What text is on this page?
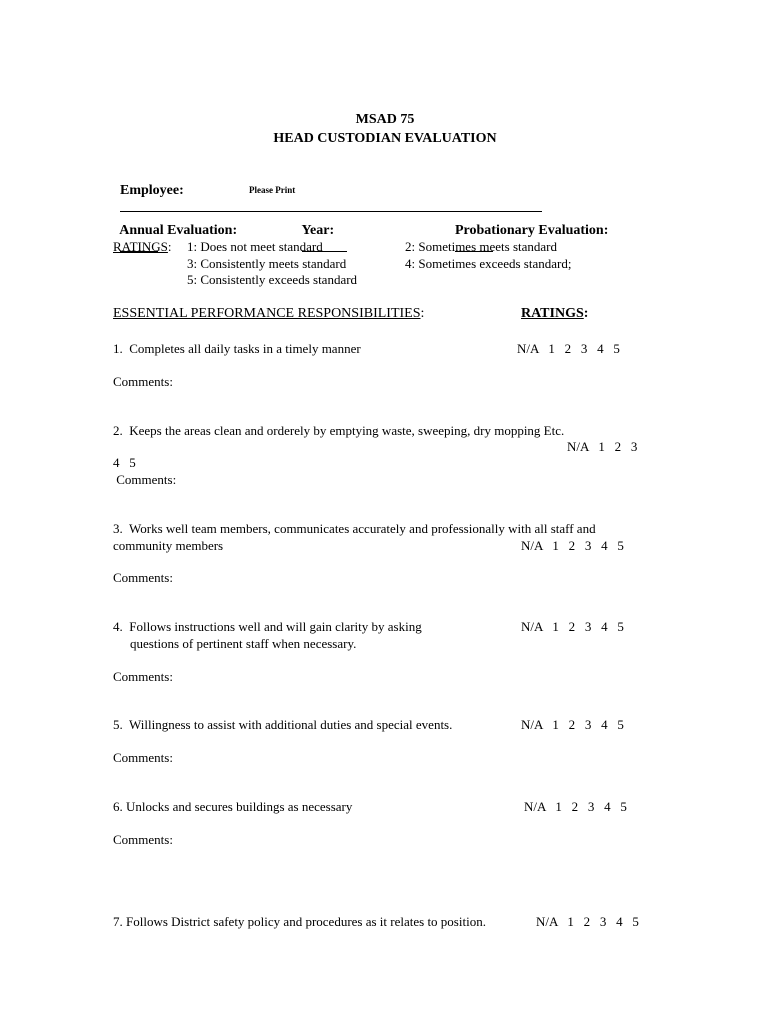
MSAD 75
HEAD CUSTODIAN EVALUATION

Employee:
	Please Print

Annual Evaluation:
	Year:
	Probationary Evaluation:

RATINGS: 1: Does not meet standard	2: Sometimes meets standard
3: Consistently meets standard	4: Sometimes exceeds standard;
5: Consistently exceeds standard
ESSENTIAL PERFORMANCE RESPONSIBILITIES:	RATINGS:
1.  Completes all daily tasks in a timely manner	N/A   1   2   3   4   5
Comments:
2.  Keeps the areas clean and orderely by emptying waste, sweeping, dry mopping Etc.
N/A   1   2   3
4   5
Comments:
3.  Works well team members, communicates accurately and professionally with all staff and
community members	N/A   1   2   3   4   5
Comments:
4.  Follows instructions well and will gain clarity by asking
questions of pertinent staff when necessary.
N/A   1   2   3   4   5
Comments:
5.  Willingness to assist with additional duties and special events.	N/A   1   2   3   4   5
Comments:
6. Unlocks and secures buildings as necessary	N/A   1   2   3   4   5
Comments:
7. Follows District safety policy and procedures as it relates to position.	N/A   1   2   3   4   5
